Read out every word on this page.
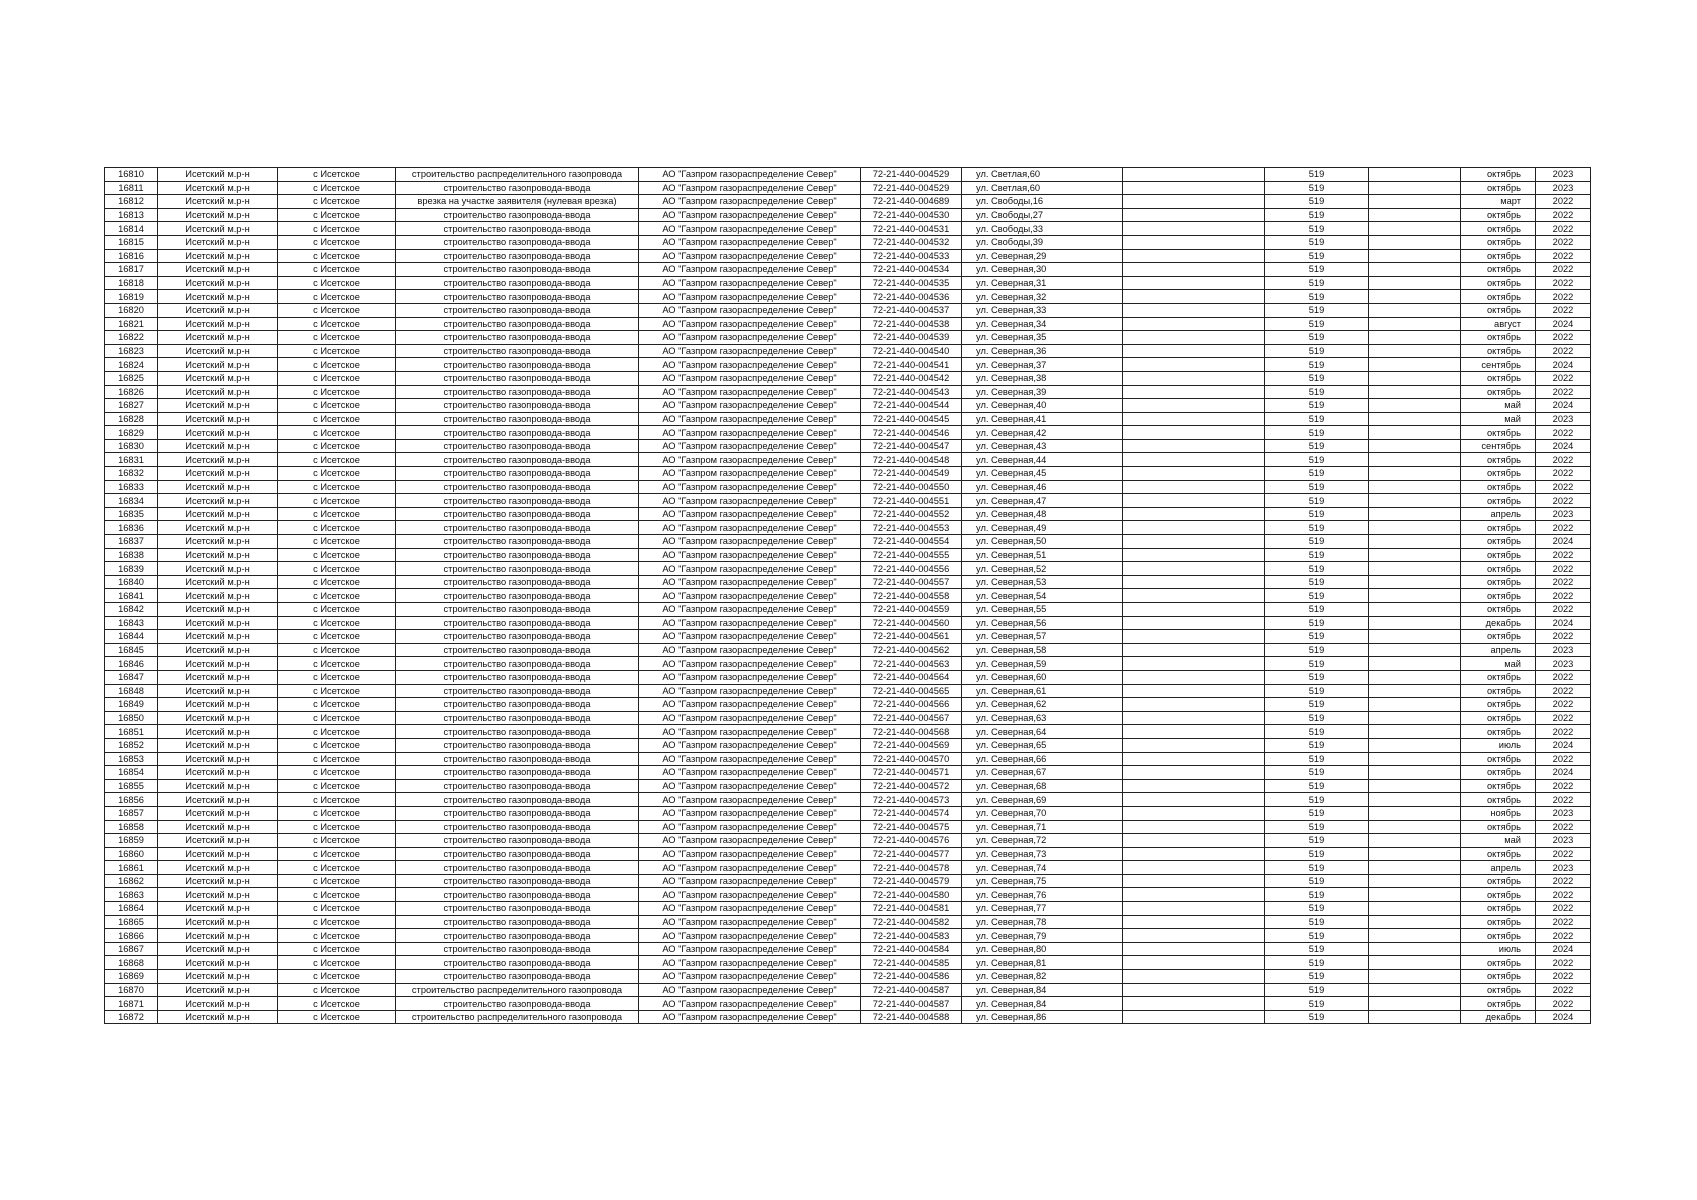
16810	Исетский м.р-н	с Исетское	строительство распределительного газопровода	АО "Газпром газораспределение Север"	72-21-440-004529	ул. Светлая,60		519		октябрь	2023
16811	Исетский м.р-н	с Исетское	строительство газопровода-ввода	АО "Газпром газораспределение Север"	72-21-440-004529	ул. Светлая,60		519		октябрь	2023
16812	Исетский м.р-н	с Исетское	врезка на участке заявителя (нулевая врезка)	АО "Газпром газораспределение Север"	72-21-440-004689	ул. Свободы,16		519		март	2022
16813	Исетский м.р-н	с Исетское	строительство газопровода-ввода	АО "Газпром газораспределение Север"	72-21-440-004530	ул. Свободы,27		519		октябрь	2022
16814	Исетский м.р-н	с Исетское	строительство газопровода-ввода	АО "Газпром газораспределение Север"	72-21-440-004531	ул. Свободы,33		519		октябрь	2022
16815	Исетский м.р-н	с Исетское	строительство газопровода-ввода	АО "Газпром газораспределение Север"	72-21-440-004532	ул. Свободы,39		519		октябрь	2022
16816	Исетский м.р-н	с Исетское	строительство газопровода-ввода	АО "Газпром газораспределение Север"	72-21-440-004533	ул. Северная,29		519		октябрь	2022
16817	Исетский м.р-н	с Исетское	строительство газопровода-ввода	АО "Газпром газораспределение Север"	72-21-440-004534	ул. Северная,30		519		октябрь	2022
16818	Исетский м.р-н	с Исетское	строительство газопровода-ввода	АО "Газпром газораспределение Север"	72-21-440-004535	ул. Северная,31		519		октябрь	2022
16819	Исетский м.р-н	с Исетское	строительство газопровода-ввода	АО "Газпром газораспределение Север"	72-21-440-004536	ул. Северная,32		519		октябрь	2022
16820	Исетский м.р-н	с Исетское	строительство газопровода-ввода	АО "Газпром газораспределение Север"	72-21-440-004537	ул. Северная,33		519		октябрь	2022
16821	Исетский м.р-н	с Исетское	строительство газопровода-ввода	АО "Газпром газораспределение Север"	72-21-440-004538	ул. Северная,34		519		август	2024
16822	Исетский м.р-н	с Исетское	строительство газопровода-ввода	АО "Газпром газораспределение Север"	72-21-440-004539	ул. Северная,35		519		октябрь	2022
16823	Исетский м.р-н	с Исетское	строительство газопровода-ввода	АО "Газпром газораспределение Север"	72-21-440-004540	ул. Северная,36		519		октябрь	2022
16824	Исетский м.р-н	с Исетское	строительство газопровода-ввода	АО "Газпром газораспределение Север"	72-21-440-004541	ул. Северная,37		519		сентябрь	2024
16825	Исетский м.р-н	с Исетское	строительство газопровода-ввода	АО "Газпром газораспределение Север"	72-21-440-004542	ул. Северная,38		519		октябрь	2022
16826	Исетский м.р-н	с Исетское	строительство газопровода-ввода	АО "Газпром газораспределение Север"	72-21-440-004543	ул. Северная,39		519		октябрь	2022
16827	Исетский м.р-н	с Исетское	строительство газопровода-ввода	АО "Газпром газораспределение Север"	72-21-440-004544	ул. Северная,40		519		май	2024
16828	Исетский м.р-н	с Исетское	строительство газопровода-ввода	АО "Газпром газораспределение Север"	72-21-440-004545	ул. Северная,41		519		май	2023
16829	Исетский м.р-н	с Исетское	строительство газопровода-ввода	АО "Газпром газораспределение Север"	72-21-440-004546	ул. Северная,42		519		октябрь	2022
16830	Исетский м.р-н	с Исетское	строительство газопровода-ввода	АО "Газпром газораспределение Север"	72-21-440-004547	ул. Северная,43		519		сентябрь	2024
16831	Исетский м.р-н	с Исетское	строительство газопровода-ввода	АО "Газпром газораспределение Север"	72-21-440-004548	ул. Северная,44		519		октябрь	2022
16832	Исетский м.р-н	с Исетское	строительство газопровода-ввода	АО "Газпром газораспределение Север"	72-21-440-004549	ул. Северная,45		519		октябрь	2022
16833	Исетский м.р-н	с Исетское	строительство газопровода-ввода	АО "Газпром газораспределение Север"	72-21-440-004550	ул. Северная,46		519		октябрь	2022
16834	Исетский м.р-н	с Исетское	строительство газопровода-ввода	АО "Газпром газораспределение Север"	72-21-440-004551	ул. Северная,47		519		октябрь	2022
16835	Исетский м.р-н	с Исетское	строительство газопровода-ввода	АО "Газпром газораспределение Север"	72-21-440-004552	ул. Северная,48		519		апрель	2023
16836	Исетский м.р-н	с Исетское	строительство газопровода-ввода	АО "Газпром газораспределение Север"	72-21-440-004553	ул. Северная,49		519		октябрь	2022
16837	Исетский м.р-н	с Исетское	строительство газопровода-ввода	АО "Газпром газораспределение Север"	72-21-440-004554	ул. Северная,50		519		октябрь	2024
16838	Исетский м.р-н	с Исетское	строительство газопровода-ввода	АО "Газпром газораспределение Север"	72-21-440-004555	ул. Северная,51		519		октябрь	2022
16839	Исетский м.р-н	с Исетское	строительство газопровода-ввода	АО "Газпром газораспределение Север"	72-21-440-004556	ул. Северная,52		519		октябрь	2022
16840	Исетский м.р-н	с Исетское	строительство газопровода-ввода	АО "Газпром газораспределение Север"	72-21-440-004557	ул. Северная,53		519		октябрь	2022
16841	Исетский м.р-н	с Исетское	строительство газопровода-ввода	АО "Газпром газораспределение Север"	72-21-440-004558	ул. Северная,54		519		октябрь	2022
16842	Исетский м.р-н	с Исетское	строительство газопровода-ввода	АО "Газпром газораспределение Север"	72-21-440-004559	ул. Северная,55		519		октябрь	2022
16843	Исетский м.р-н	с Исетское	строительство газопровода-ввода	АО "Газпром газораспределение Север"	72-21-440-004560	ул. Северная,56		519		декабрь	2024
16844	Исетский м.р-н	с Исетское	строительство газопровода-ввода	АО "Газпром газораспределение Север"	72-21-440-004561	ул. Северная,57		519		октябрь	2022
16845	Исетский м.р-н	с Исетское	строительство газопровода-ввода	АО "Газпром газораспределение Север"	72-21-440-004562	ул. Северная,58		519		апрель	2023
16846	Исетский м.р-н	с Исетское	строительство газопровода-ввода	АО "Газпром газораспределение Север"	72-21-440-004563	ул. Северная,59		519		май	2023
16847	Исетский м.р-н	с Исетское	строительство газопровода-ввода	АО "Газпром газораспределение Север"	72-21-440-004564	ул. Северная,60		519		октябрь	2022
16848	Исетский м.р-н	с Исетское	строительство газопровода-ввода	АО "Газпром газораспределение Север"	72-21-440-004565	ул. Северная,61		519		октябрь	2022
16849	Исетский м.р-н	с Исетское	строительство газопровода-ввода	АО "Газпром газораспределение Север"	72-21-440-004566	ул. Северная,62		519		октябрь	2022
16850	Исетский м.р-н	с Исетское	строительство газопровода-ввода	АО "Газпром газораспределение Север"	72-21-440-004567	ул. Северная,63		519		октябрь	2022
16851	Исетский м.р-н	с Исетское	строительство газопровода-ввода	АО "Газпром газораспределение Север"	72-21-440-004568	ул. Северная,64		519		октябрь	2022
16852	Исетский м.р-н	с Исетское	строительство газопровода-ввода	АО "Газпром газораспределение Север"	72-21-440-004569	ул. Северная,65		519		июль	2024
16853	Исетский м.р-н	с Исетское	строительство газопровода-ввода	АО "Газпром газораспределение Север"	72-21-440-004570	ул. Северная,66		519		октябрь	2022
16854	Исетский м.р-н	с Исетское	строительство газопровода-ввода	АО "Газпром газораспределение Север"	72-21-440-004571	ул. Северная,67		519		октябрь	2024
16855	Исетский м.р-н	с Исетское	строительство газопровода-ввода	АО "Газпром газораспределение Север"	72-21-440-004572	ул. Северная,68		519		октябрь	2022
16856	Исетский м.р-н	с Исетское	строительство газопровода-ввода	АО "Газпром газораспределение Север"	72-21-440-004573	ул. Северная,69		519		октябрь	2022
16857	Исетский м.р-н	с Исетское	строительство газопровода-ввода	АО "Газпром газораспределение Север"	72-21-440-004574	ул. Северная,70		519		ноябрь	2023
16858	Исетский м.р-н	с Исетское	строительство газопровода-ввода	АО "Газпром газораспределение Север"	72-21-440-004575	ул. Северная,71		519		октябрь	2022
16859	Исетский м.р-н	с Исетское	строительство газопровода-ввода	АО "Газпром газораспределение Север"	72-21-440-004576	ул. Северная,72		519		май	2023
16860	Исетский м.р-н	с Исетское	строительство газопровода-ввода	АО "Газпром газораспределение Север"	72-21-440-004577	ул. Северная,73		519		октябрь	2022
16861	Исетский м.р-н	с Исетское	строительство газопровода-ввода	АО "Газпром газораспределение Север"	72-21-440-004578	ул. Северная,74		519		апрель	2023
16862	Исетский м.р-н	с Исетское	строительство газопровода-ввода	АО "Газпром газораспределение Север"	72-21-440-004579	ул. Северная,75		519		октябрь	2022
16863	Исетский м.р-н	с Исетское	строительство газопровода-ввода	АО "Газпром газораспределение Север"	72-21-440-004580	ул. Северная,76		519		октябрь	2022
16864	Исетский м.р-н	с Исетское	строительство газопровода-ввода	АО "Газпром газораспределение Север"	72-21-440-004581	ул. Северная,77		519		октябрь	2022
16865	Исетский м.р-н	с Исетское	строительство газопровода-ввода	АО "Газпром газораспределение Север"	72-21-440-004582	ул. Северная,78		519		октябрь	2022
16866	Исетский м.р-н	с Исетское	строительство газопровода-ввода	АО "Газпром газораспределение Север"	72-21-440-004583	ул. Северная,79		519		октябрь	2022
16867	Исетский м.р-н	с Исетское	строительство газопровода-ввода	АО "Газпром газораспределение Север"	72-21-440-004584	ул. Северная,80		519		июль	2024
16868	Исетский м.р-н	с Исетское	строительство газопровода-ввода	АО "Газпром газораспределение Север"	72-21-440-004585	ул. Северная,81		519		октябрь	2022
16869	Исетский м.р-н	с Исетское	строительство газопровода-ввода	АО "Газпром газораспределение Север"	72-21-440-004586	ул. Северная,82		519		октябрь	2022
16870	Исетский м.р-н	с Исетское	строительство распределительного газопровода	АО "Газпром газораспределение Север"	72-21-440-004587	ул. Северная,84		519		октябрь	2022
16871	Исетский м.р-н	с Исетское	строительство газопровода-ввода	АО "Газпром газораспределение Север"	72-21-440-004587	ул. Северная,84		519		октябрь	2022
16872	Исетский м.р-н	с Исетское	строительство распределительного газопровода	АО "Газпром газораспределение Север"	72-21-440-004588	ул. Северная,86		519		декабрь	2024
